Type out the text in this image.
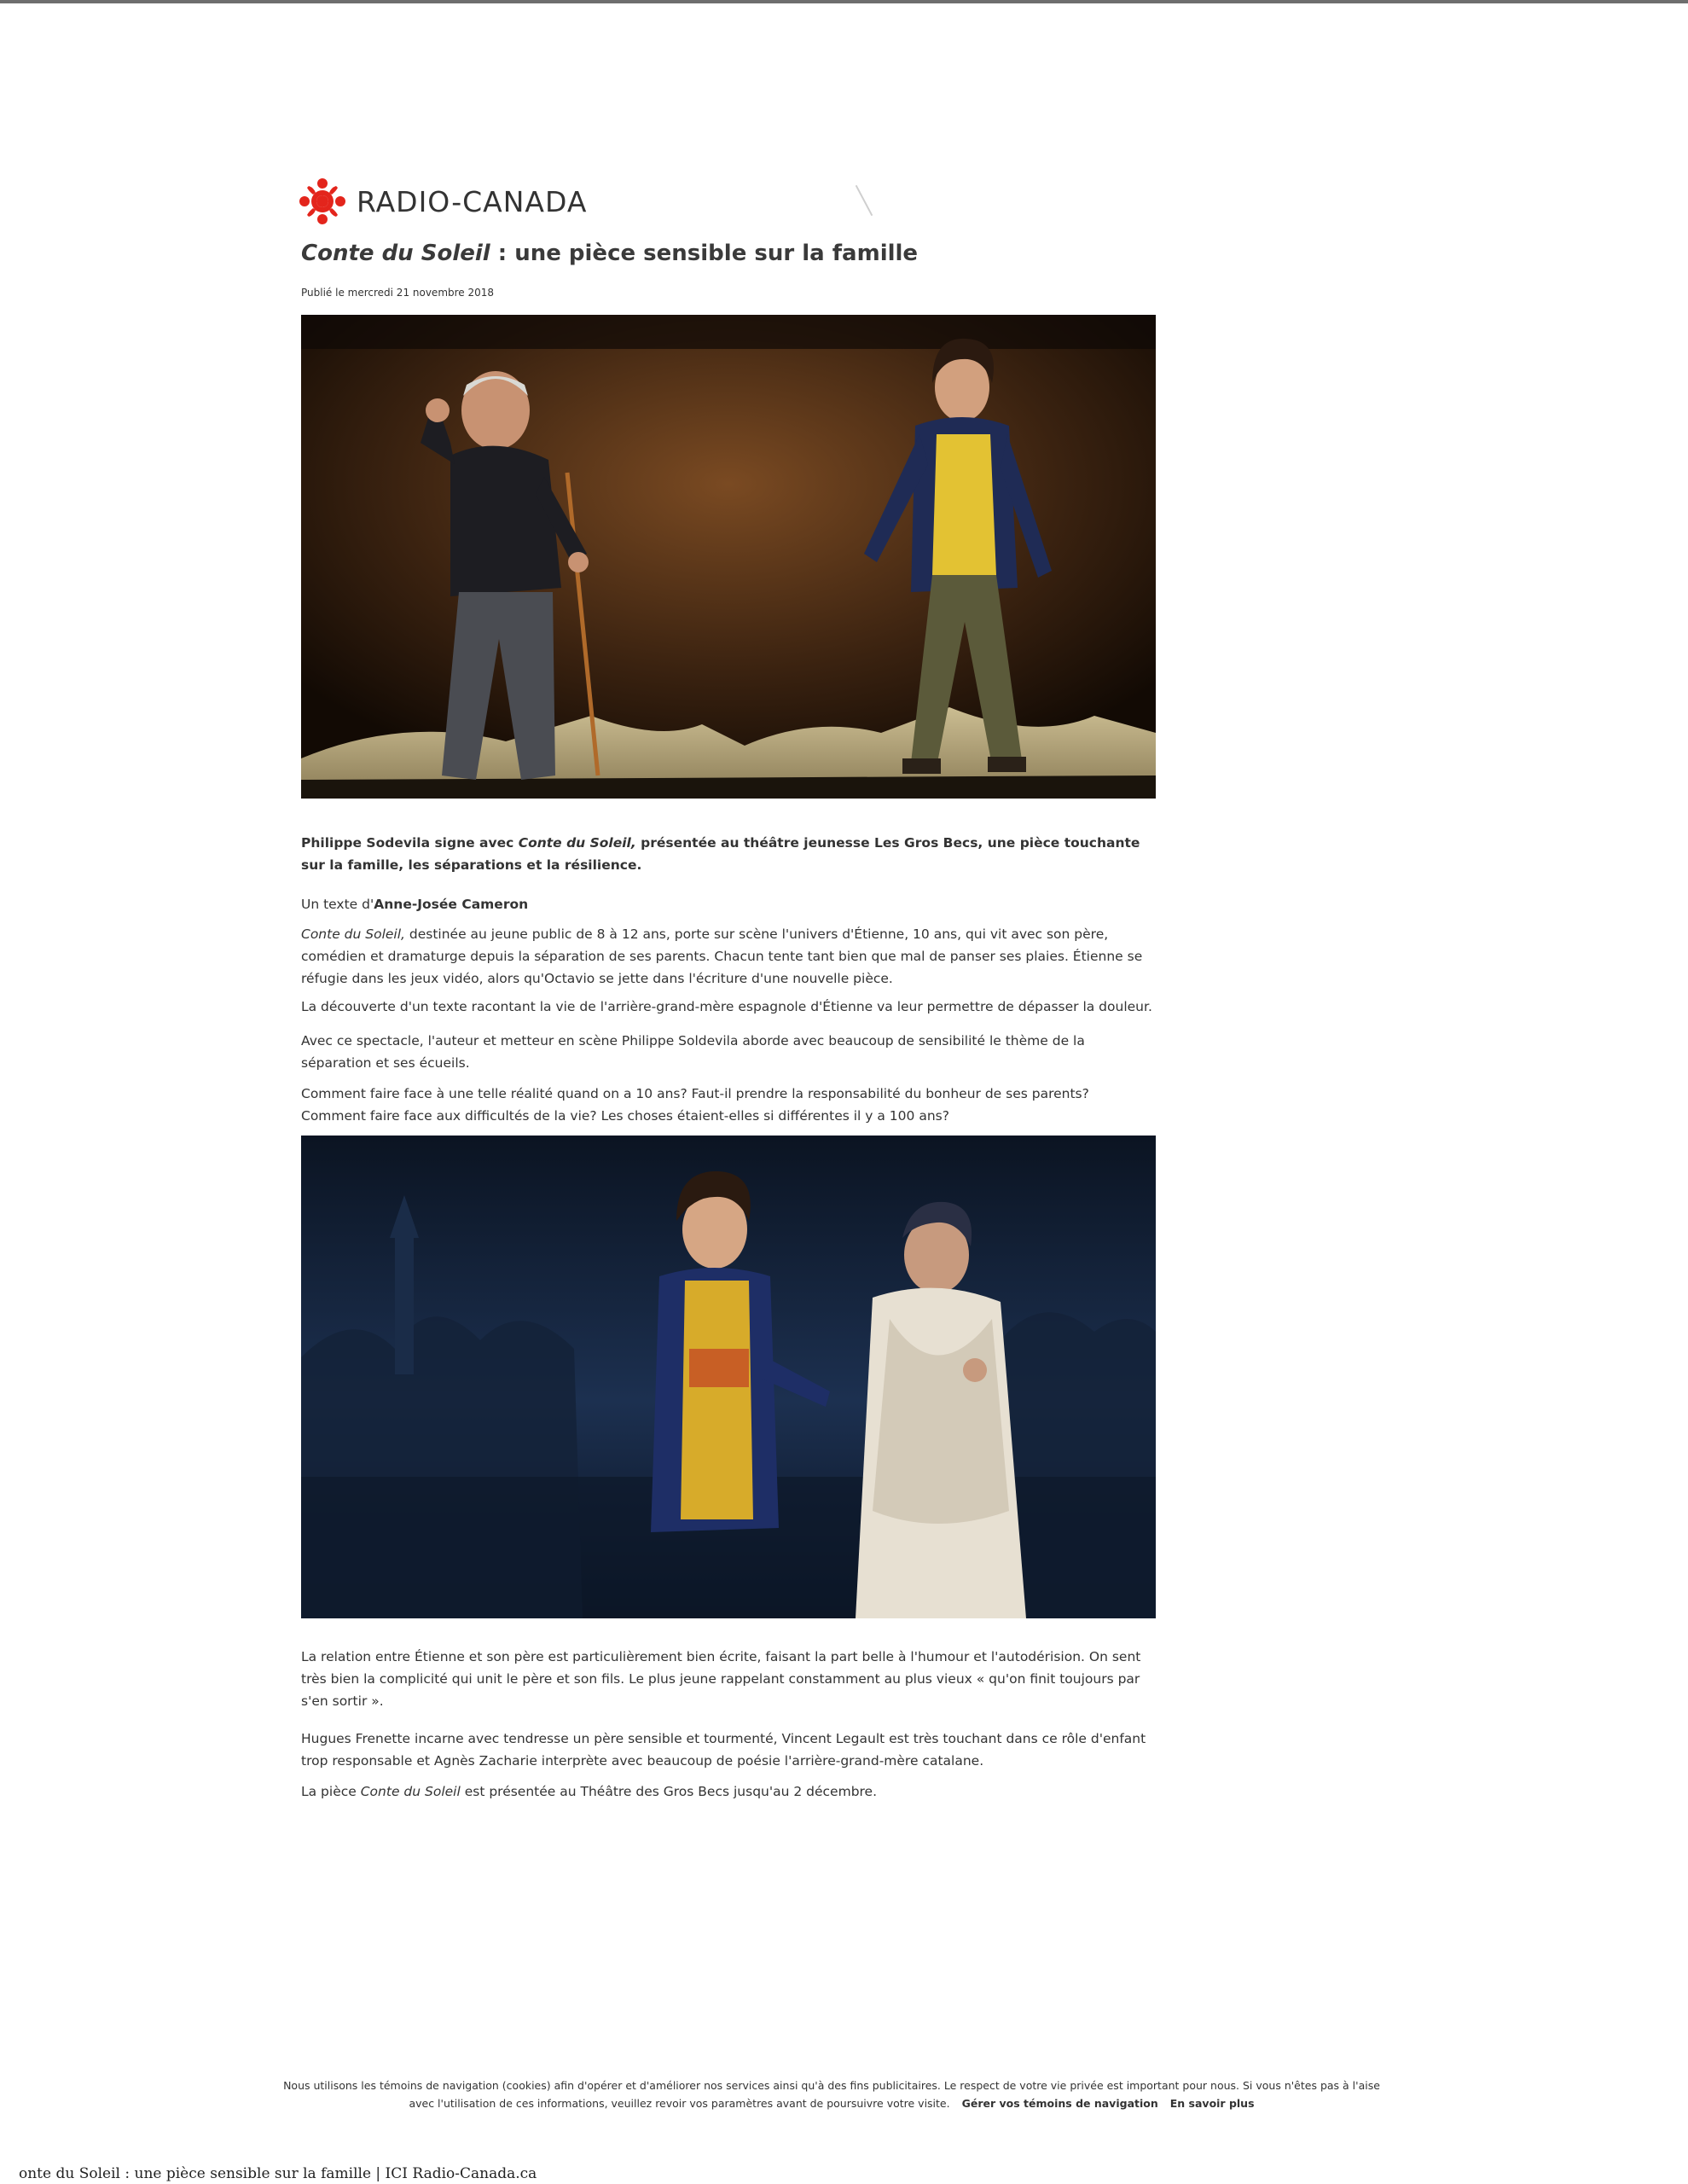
RADIO-CANADA
Conte du Soleil : une pièce sensible sur la famille
Publié le mercredi 21 novembre 2018

Philippe Sodevila signe avec Conte du Soleil, présentée au théâtre jeunesse Les Gros Becs, une pièce touchante sur la famille, les séparations et la résilience.

Un texte d'Anne-Josée Cameron

Conte du Soleil, destinée au jeune public de 8 à 12 ans, porte sur scène l'univers d'Étienne, 10 ans, qui vit avec son père, comédien et dramaturge depuis la séparation de ses parents. Chacun tente tant bien que mal de panser ses plaies. Étienne se réfugie dans les jeux vidéo, alors qu'Octavio se jette dans l'écriture d'une nouvelle pièce.

La découverte d'un texte racontant la vie de l'arrière-grand-mère espagnole d'Étienne va leur permettre de dépasser la douleur.

Avec ce spectacle, l'auteur et metteur en scène Philippe Soldevila aborde avec beaucoup de sensibilité le thème de la séparation et ses écueils.

Comment faire face à une telle réalité quand on a 10 ans? Faut-il prendre la responsabilité du bonheur de ses parents? Comment faire face aux difficultés de la vie? Les choses étaient-elles si différentes il y a 100 ans?

La relation entre Étienne et son père est particulièrement bien écrite, faisant la part belle à l'humour et l'autodérision. On sent très bien la complicité qui unit le père et son fils. Le plus jeune rappelant constamment au plus vieux « qu'on finit toujours par s'en sortir ».

Hugues Frenette incarne avec tendresse un père sensible et tourmenté, Vincent Legault est très touchant dans ce rôle d'enfant trop responsable et Agnès Zacharie interprète avec beaucoup de poésie l'arrière-grand-mère catalane.

La pièce Conte du Soleil est présentée au Théâtre des Gros Becs jusqu'au 2 décembre.

Nous utilisons les témoins de navigation (cookies) afin d'opérer et d'améliorer nos services ainsi qu'à des fins publicitaires. Le respect de votre vie privée est important pour nous. Si vous n'êtes pas à l'aise avec l'utilisation de ces informations, veuillez revoir vos paramètres avant de poursuivre votre visite. Gérer vos témoins de navigation En savoir plus
onte du Soleil : une pièce sensible sur la famille | ICI Radio-Canada.ca
